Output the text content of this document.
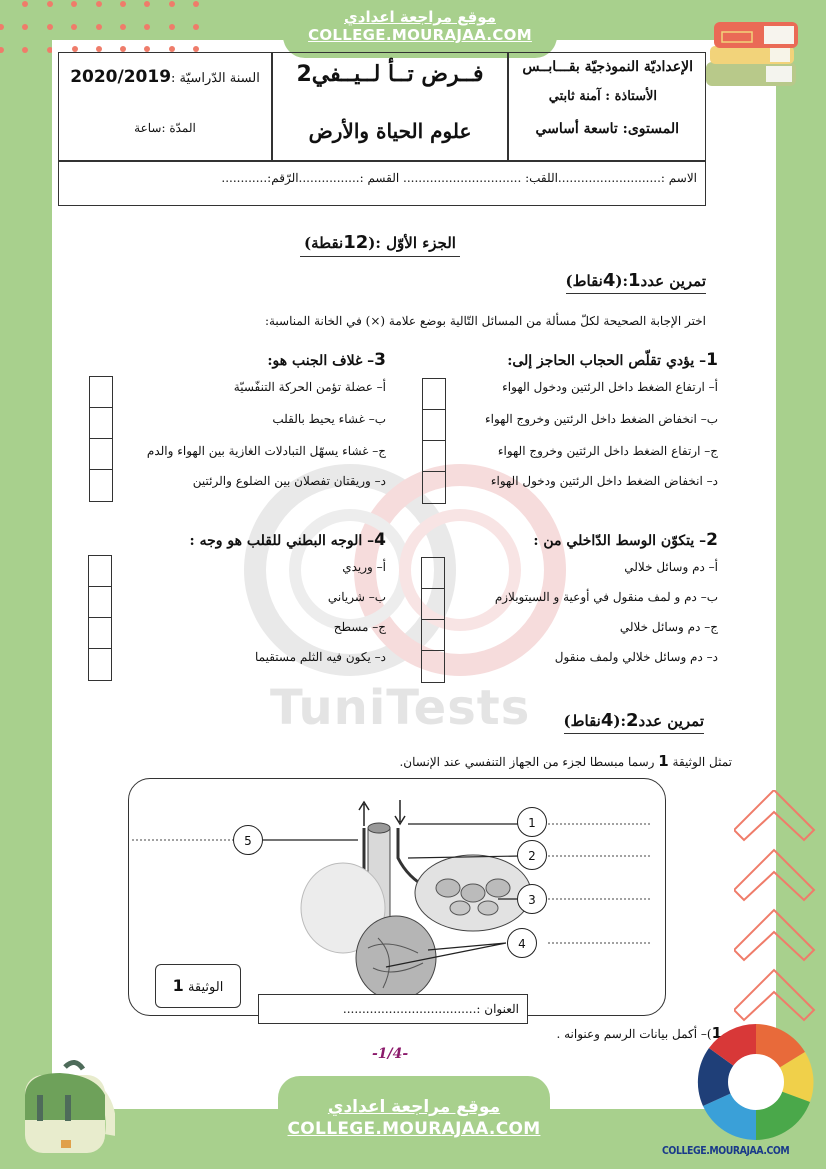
موقع مراجعة اعدادي
COLLEGE.MOURAJAA.COM
الإعداديّة النموذجيّة بقـــابــس
الأستاذة : آمنة ثابتي
المستوى: تاسعة أساسي
فــرض تــأ لــيــفي2
علوم الحياة والأرض
السنة الدّراسيّة :2020/2019
المدّة :ساعة
الاسم :...........................اللقب: ............................... القسم :................الرّقم:............
TuniTests
الجزء الأوّل :(12نقطة)
تمرين عدد1:(4نقاط)
اختر الإجابة الصحيحة لكلّ مسألة من المسائل التّالية بوضع علامة (×) في الخانة المناسبة:
1– يؤدي تقلّص الحجاب الحاجز إلى:
أ– ارتفاع الضغط داخل الرئتين ودخول الهواء
ب– انخفاض الضغط داخل الرئتين وخروج الهواء
ج– ارتفاع الضغط داخل الرئتين وخروج الهواء
د– انخفاض الضغط داخل الرئتين ودخول الهواء
3– غلاف الجنب هو:
أ– عضلة تؤمن الحركة التنفّسيّة
ب– غشاء يحيط بالقلب
ج– غشاء يسهّل التبادلات الغازية بين الهواء والدم
د– وريقتان تفصلان بين الضلوع والرئتين
2– يتكوّن الوسط الدّاخلي من :
أ– دم وسائل خلالي
ب– دم و لمف منقول في أوعية و السيتوبلازم
ج– دم وسائل خلالي
د– دم وسائل خلالي ولمف منقول
4– الوجه البطني للقلب هو وجه :
أ– وريدي
ب– شرياني
ج– مسطح
د– يكون فيه الثلم مستقيما
تمرين عدد2:(4نقاط)
تمثل الوثيقة 1 رسما مبسطا لجزء من الجهاز التنفسي عند الإنسان.
1
2
3
4
5
الوثيقة 1
العنوان :...................................
1)– أكمل بيانات الرسم وعنوانه .
-1/4-
موقع مراجعة اعدادي
COLLEGE.MOURAJAA.COM
COLLEGE.MOURAJAA.COM
